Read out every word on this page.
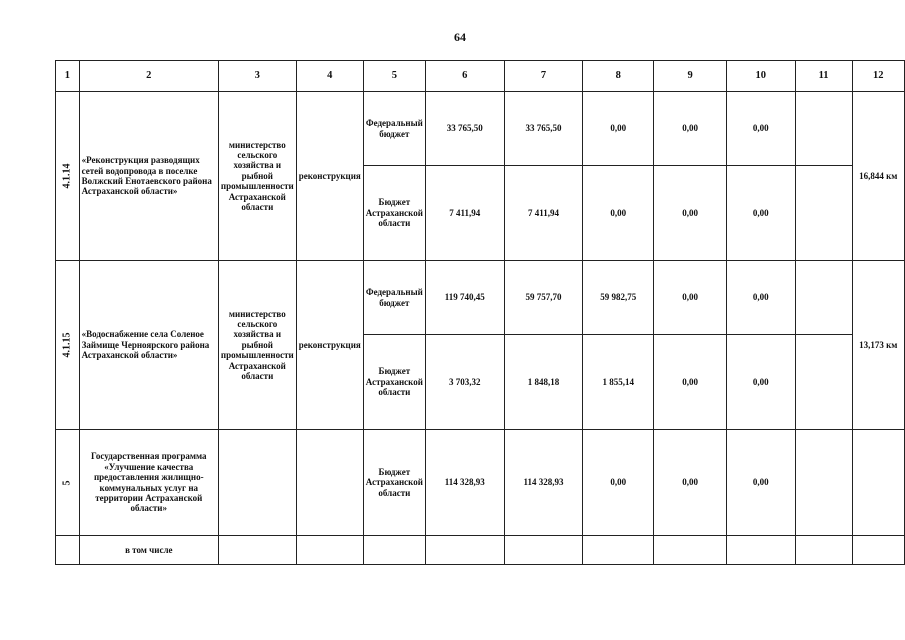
64
1	2	3	4	5	6	7	8	9	10	11	12

4.1.14	«Реконструкция разводящих сетей водопровода в поселке Волжский Енотаевского района Астраханской области»	министерство сельского хозяйства и рыбной промышленности Астраханской области	реконструкция	Федеральный бюджет	33 765,50	33 765,50	0,00	0,00	0,00		16,844 км
				Бюджет Астраханской области	7 411,94	7 411,94	0,00	0,00	0,00		

4.1.15	«Водоснабжение села Соленое Займище Черноярского района Астраханской области»	министерство сельского хозяйства и рыбной промышленности Астраханской области	реконструкция	Федеральный бюджет	119 740,45	59 757,70	59 982,75	0,00	0,00		13,173 км
				Бюджет Астраханской области	3 703,32	1 848,18	1 855,14	0,00	0,00		

5	Государственная программа «Улучшение качества предоставления жилищно-коммунальных услуг на территории Астраханской области»			Бюджет Астраханской области	114 328,93	114 328,93	0,00	0,00	0,00		
	в том числе										
